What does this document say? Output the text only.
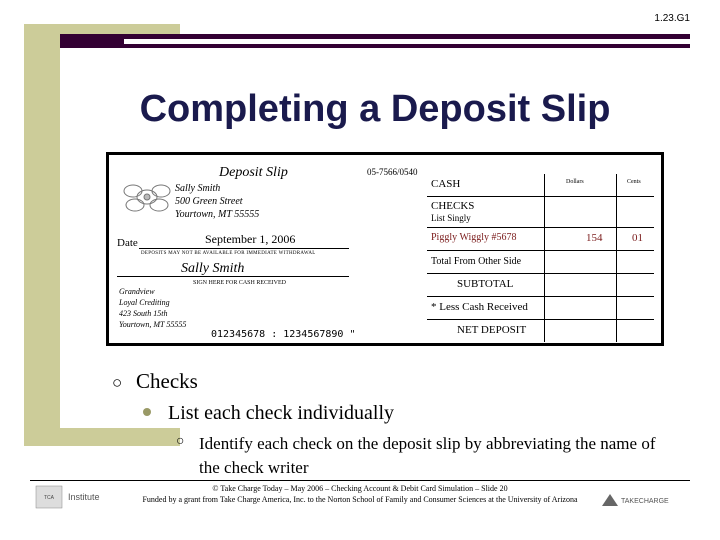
1.23.G1
Completing a Deposit Slip
Deposit Slip	05-7566/0540
Sally Smith
500 Green Street
Yourtown, MT 55555
Date	September 1, 2006
DEPOSITS MAY NOT BE AVAILABLE FOR IMMEDIATE WITHDRAWAL
Sally Smith
SIGN HERE FOR CASH RECEIVED
Grandview
Loyal Crediting
423 South 15th
Yourtown, MT 55555
012345678 : 1234567890 "
CASH	Dollars	Cents
CHECKS
List Singly
Piggly Wiggly #5678	154	01
Total From Other Side
SUBTOTAL
* Less Cash Received
NET DEPOSIT
○ Checks
List each check individually
○ Identify each check on the deposit slip by abbreviating the name of the check writer
TCA Institute
© Take Charge Today – May 2006 – Checking Account & Debit Card Simulation – Slide 20
Funded by a grant from Take Charge America, Inc. to the Norton School of Family and Consumer Sciences at the University of Arizona	TAKECHARGE
